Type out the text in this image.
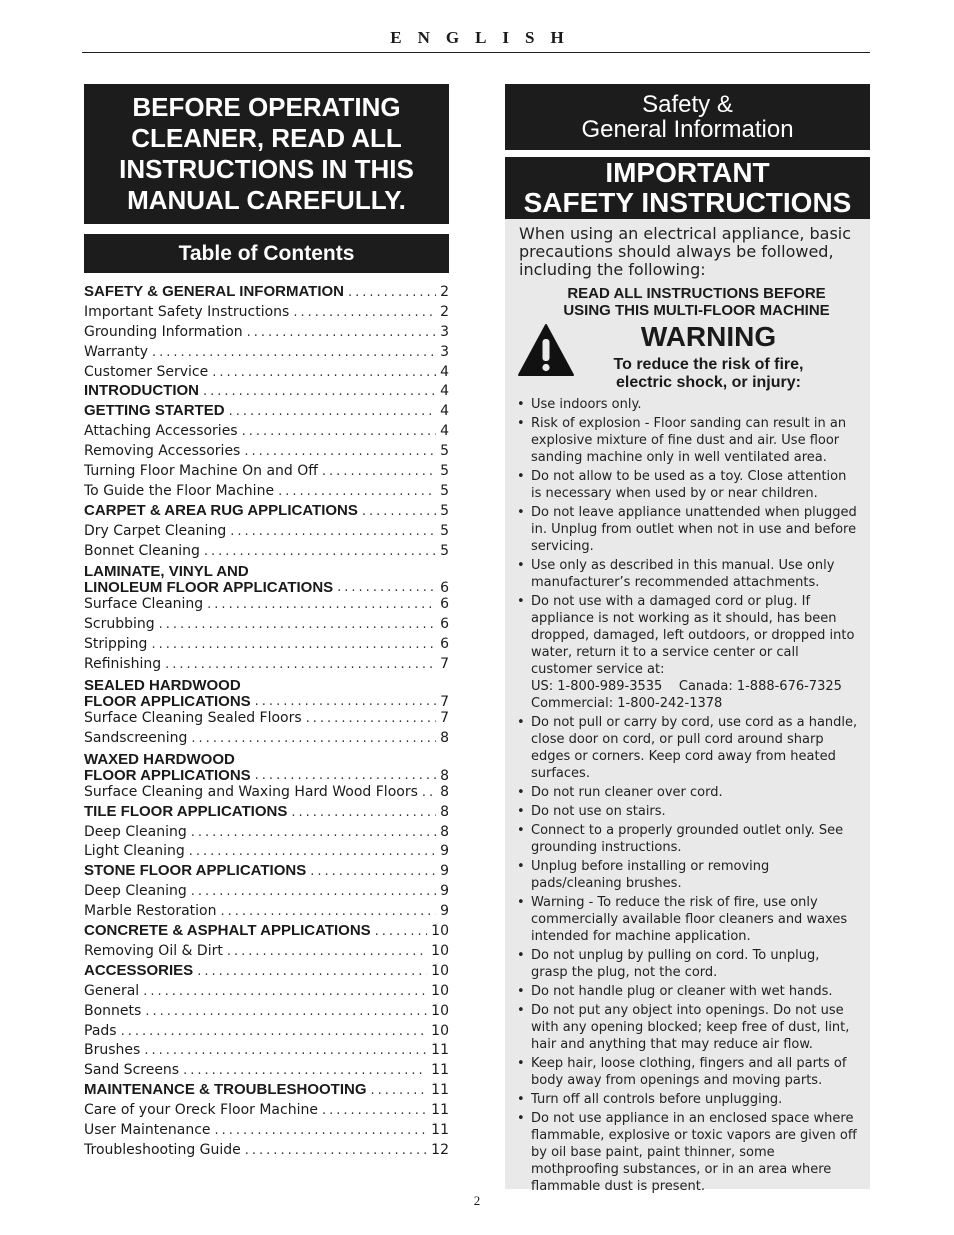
ENGLISH
BEFORE OPERATING
CLEANER, READ ALL
INSTRUCTIONS IN THIS
MANUAL CAREFULLY.
Table of Contents
SAFETY & GENERAL INFORMATION .....	2
Important Safety Instructions .....	2
Grounding Information .....	3
Warranty .....	3
Customer Service .....	4
INTRODUCTION .....	4
GETTING STARTED .....	4
Attaching Accessories .....	4
Removing Accessories .....	5
Turning Floor Machine On and Off .....	5
To Guide the Floor Machine .....	5
CARPET & AREA RUG APPLICATIONS .....	5
Dry Carpet Cleaning .....	5
Bonnet Cleaning .....	5
LAMINATE, VINYL AND
LINOLEUM FLOOR APPLICATIONS .....	6
Surface Cleaning .....	6
Scrubbing .....	6
Stripping .....	6
Refinishing .....	7
SEALED HARDWOOD
FLOOR APPLICATIONS .....	7
Surface Cleaning Sealed Floors .....	7
Sandscreening .....	8
WAXED HARDWOOD
FLOOR APPLICATIONS .....	8
Surface Cleaning and Waxing Hard Wood Floors ..... 8
TILE FLOOR APPLICATIONS .....	8
Deep Cleaning .....	8
Light Cleaning .....	9
STONE FLOOR APPLICATIONS .....	9
Deep Cleaning .....	9
Marble Restoration .....	9
CONCRETE & ASPHALT APPLICATIONS .....	10
Removing Oil & Dirt .....	10
ACCESSORIES .....	10
General .....	10
Bonnets .....	10
Pads .....	10
Brushes .....	11
Sand Screens .....	11
MAINTENANCE & TROUBLESHOOTING .....	11
Care of your Oreck Floor Machine .....	11
User Maintenance .....	11
Troubleshooting Guide .....	12
Safety &
General Information
IMPORTANT
SAFETY INSTRUCTIONS
When using an electrical appliance, basic precautions should always be followed, including the following:
READ ALL INSTRUCTIONS BEFORE
USING THIS MULTI-FLOOR MACHINE
WARNING
To reduce the risk of fire,
electric shock, or injury:
• Use indoors only.
• Risk of explosion - Floor sanding can result in an explosive mixture of fine dust and air. Use floor sanding machine only in well ventilated area.
• Do not allow to be used as a toy. Close attention is necessary when used by or near children.
• Do not leave appliance unattended when plugged in. Unplug from outlet when not in use and before servicing.
• Use only as described in this manual. Use only manufacturer’s recommended attachments.
• Do not use with a damaged cord or plug. If appliance is not working as it should, has been dropped, damaged, left outdoors, or dropped into water, return it to a service center or call customer service at:
US: 1-800-989-3535    Canada: 1-888-676-7325
Commercial: 1-800-242-1378
• Do not pull or carry by cord, use cord as a handle, close door on cord, or pull cord around sharp edges or corners. Keep cord away from heated surfaces.
• Do not run cleaner over cord.
• Do not use on stairs.
• Connect to a properly grounded outlet only. See grounding instructions.
• Unplug before installing or removing pads/cleaning brushes.
• Warning - To reduce the risk of fire, use only commercially available floor cleaners and waxes intended for machine application.
• Do not unplug by pulling on cord. To unplug, grasp the plug, not the cord.
• Do not handle plug or cleaner with wet hands.
• Do not put any object into openings. Do not use with any opening blocked; keep free of dust, lint, hair and anything that may reduce air flow.
• Keep hair, loose clothing, fingers and all parts of body away from openings and moving parts.
• Turn off all controls before unplugging.
• Do not use appliance in an enclosed space where flammable, explosive or toxic vapors are given off by oil base paint, paint thinner, some mothproofing substances, or in an area where flammable dust is present.
2
